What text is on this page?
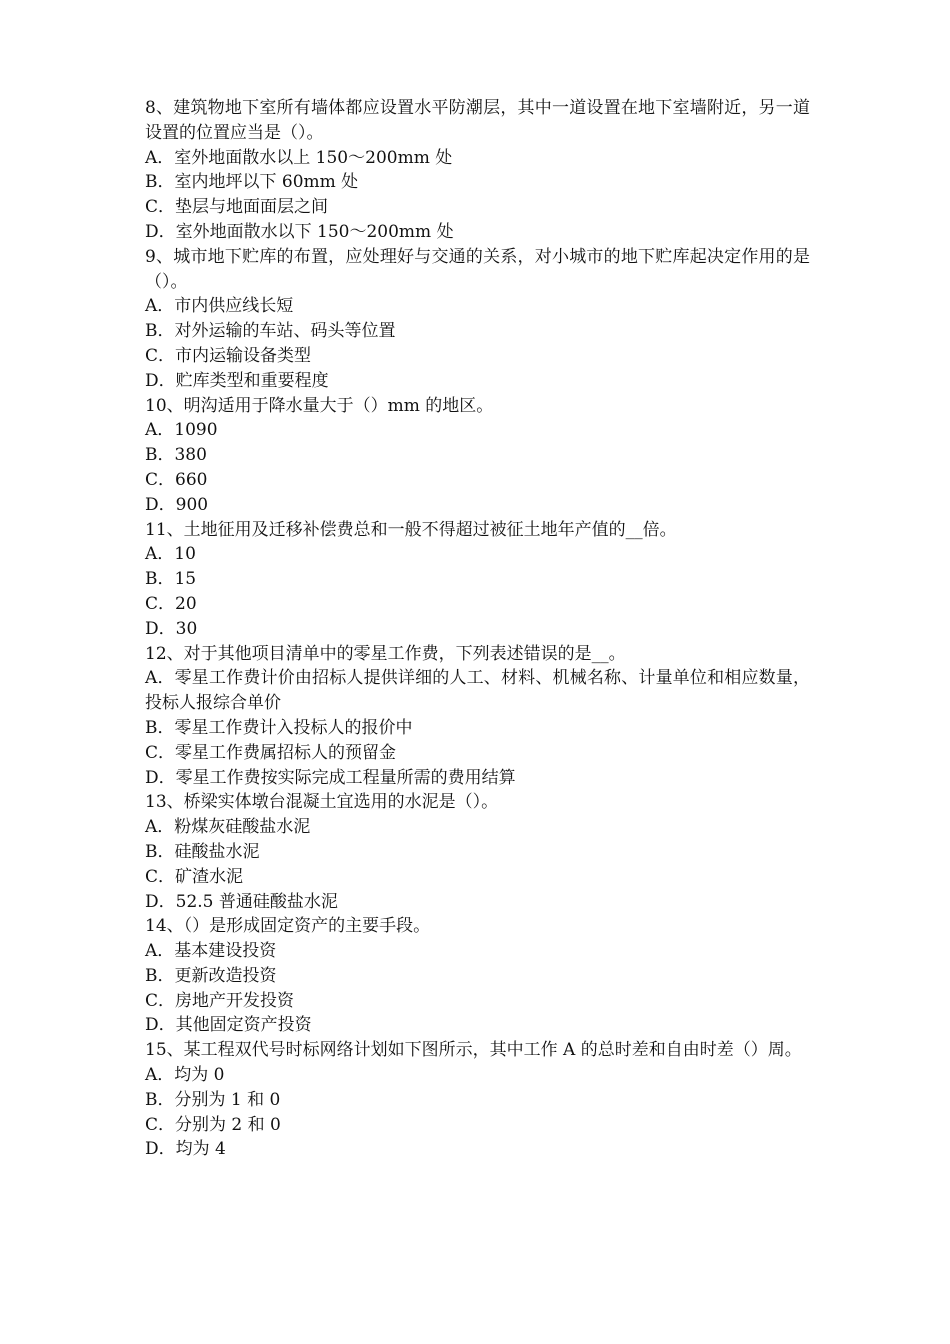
8、建筑物地下室所有墙体都应设置水平防潮层，其中一道设置在地下室墙附近，另一道设置的位置应当是（）。
A．室外地面散水以上 150～200mm 处
B．室内地坪以下 60mm 处
C．垫层与地面面层之间
D．室外地面散水以下 150～200mm 处
9、城市地下贮库的布置，应处理好与交通的关系，对小城市的地下贮库起决定作用的是（）。
A．市内供应线长短
B．对外运输的车站、码头等位置
C．市内运输设备类型
D．贮库类型和重要程度
10、明沟适用于降水量大于（）mm 的地区。
A．1090
B．380
C．660
D．900
11、土地征用及迁移补偿费总和一般不得超过被征土地年产值的__倍。
A．10
B．15
C．20
D．30
12、对于其他项目清单中的零星工作费，下列表述错误的是__。
A．零星工作费计价由招标人提供详细的人工、材料、机械名称、计量单位和相应数量，投标人报综合单价
B．零星工作费计入投标人的报价中
C．零星工作费属招标人的预留金
D．零星工作费按实际完成工程量所需的费用结算
13、桥梁实体墩台混凝土宜选用的水泥是（）。
A．粉煤灰硅酸盐水泥
B．硅酸盐水泥
C．矿渣水泥
D．52.5 普通硅酸盐水泥
14、（）是形成固定资产的主要手段。
A．基本建设投资
B．更新改造投资
C．房地产开发投资
D．其他固定资产投资
15、某工程双代号时标网络计划如下图所示，其中工作 A 的总时差和自由时差（）周。
A．均为 0
B．分别为 1 和 0
C．分别为 2 和 0
D．均为 4
